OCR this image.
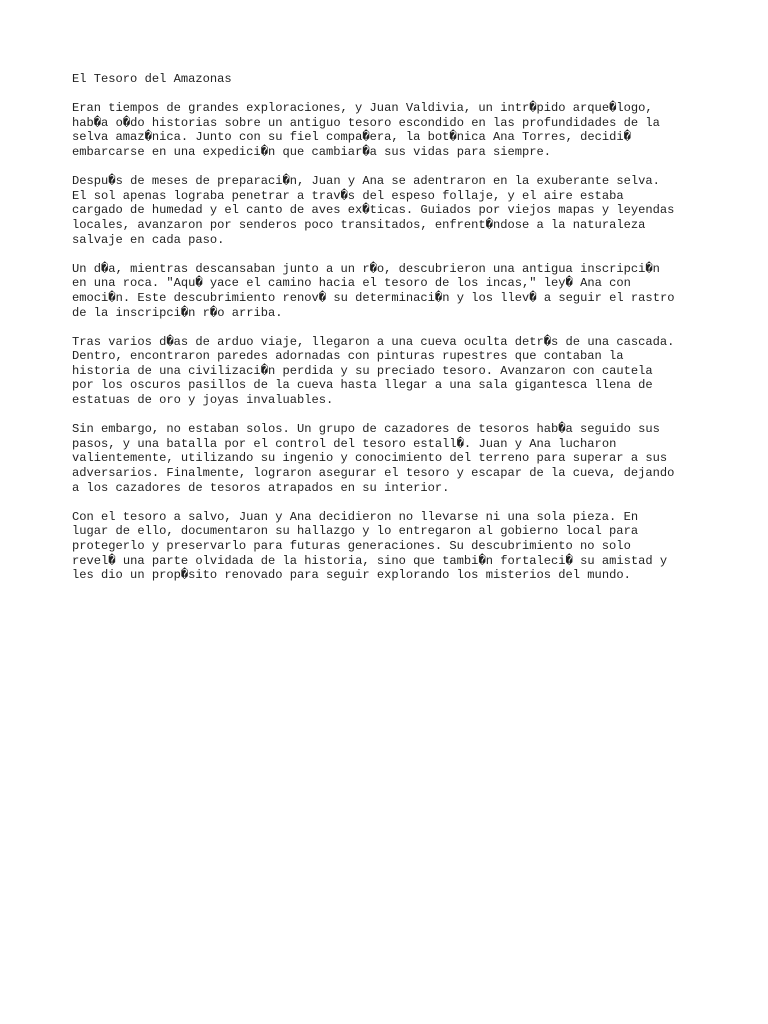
El Tesoro del Amazonas
Eran tiempos de grandes exploraciones, y Juan Valdivia, un intr�pido arque�logo,
hab�a o�do historias sobre un antiguo tesoro escondido en las profundidades de la
selva amaz�nica. Junto con su fiel compa�era, la bot�nica Ana Torres, decidi�
embarcarse en una expedici�n que cambiar�a sus vidas para siempre.
Despu�s de meses de preparaci�n, Juan y Ana se adentraron en la exuberante selva.
El sol apenas lograba penetrar a trav�s del espeso follaje, y el aire estaba
cargado de humedad y el canto de aves ex�ticas. Guiados por viejos mapas y leyendas
locales, avanzaron por senderos poco transitados, enfrent�ndose a la naturaleza
salvaje en cada paso.
Un d�a, mientras descansaban junto a un r�o, descubrieron una antigua inscripci�n
en una roca. "Aqu� yace el camino hacia el tesoro de los incas," ley� Ana con
emoci�n. Este descubrimiento renov� su determinaci�n y los llev� a seguir el rastro
de la inscripci�n r�o arriba.
Tras varios d�as de arduo viaje, llegaron a una cueva oculta detr�s de una cascada.
Dentro, encontraron paredes adornadas con pinturas rupestres que contaban la
historia de una civilizaci�n perdida y su preciado tesoro. Avanzaron con cautela
por los oscuros pasillos de la cueva hasta llegar a una sala gigantesca llena de
estatuas de oro y joyas invaluables.
Sin embargo, no estaban solos. Un grupo de cazadores de tesoros hab�a seguido sus
pasos, y una batalla por el control del tesoro estall�. Juan y Ana lucharon
valientemente, utilizando su ingenio y conocimiento del terreno para superar a sus
adversarios. Finalmente, lograron asegurar el tesoro y escapar de la cueva, dejando
a los cazadores de tesoros atrapados en su interior.
Con el tesoro a salvo, Juan y Ana decidieron no llevarse ni una sola pieza. En
lugar de ello, documentaron su hallazgo y lo entregaron al gobierno local para
protegerlo y preservarlo para futuras generaciones. Su descubrimiento no solo
revel� una parte olvidada de la historia, sino que tambi�n fortaleci� su amistad y
les dio un prop�sito renovado para seguir explorando los misterios del mundo.
